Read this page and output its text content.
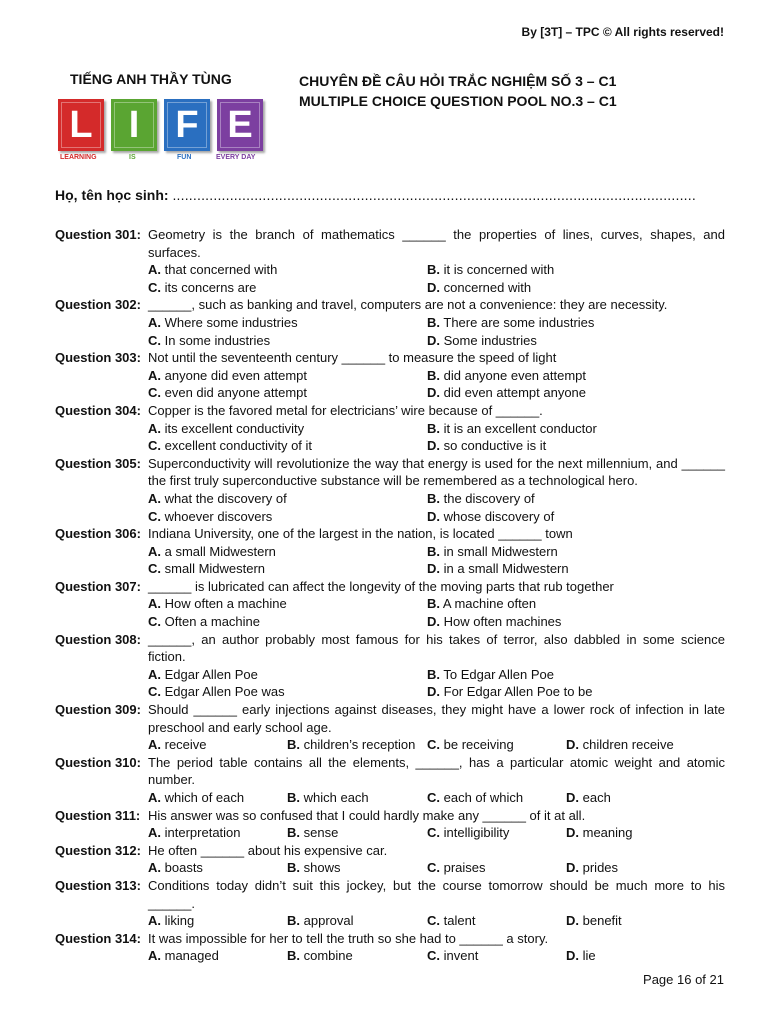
By [3T] – TPC © All rights reserved!
TIẾNG ANH THẦY TÙNG	CHUYÊN ĐỀ CÂU HỎI TRẮC NGHIỆM SỐ 3 – C1
MULTIPLE CHOICE QUESTION POOL NO.3 – C1
L
LEARNING
I
IS
F
FUN
E
EVERY DAY
Họ, tên học sinh: ................................................................................................................................
Question 301: Geometry is the branch of mathematics ______ the properties of lines, curves, shapes, and surfaces.
A. that concerned with	B. it is concerned with
C. its concerns are	D. concerned with
Question 302: ______, such as banking and travel, computers are not a convenience: they are necessity.
A. Where some industries	B. There are some industries
C. In some industries	D. Some industries
Question 303: Not until the seventeenth century ______ to measure the speed of light
A. anyone did even attempt	B. did anyone even attempt
C. even did anyone attempt	D. did even attempt anyone
Question 304: Copper is the favored metal for electricians’ wire because of ______.
A. its excellent conductivity	B. it is an excellent conductor
C. excellent conductivity of it	D. so conductive is it
Question 305: Superconductivity will revolutionize the way that energy is used for the next millennium, and ______ the first truly superconductive substance will be remembered as a technological hero.
A. what the discovery of	B. the discovery of
C. whoever discovers	D. whose discovery of
Question 306: Indiana University, one of the largest in the nation, is located ______ town
A. a small Midwestern	B. in small Midwestern
C. small Midwestern	D. in a small Midwestern
Question 307: ______ is lubricated can affect the longevity of the moving parts that rub together
A. How often a machine	B. A machine often
C. Often a machine	D. How often machines
Question 308: ______, an author probably most famous for his takes of terror, also dabbled in some science fiction.
A. Edgar Allen Poe	B. To Edgar Allen Poe
C. Edgar Allen Poe was	D. For Edgar Allen Poe to be
Question 309: Should ______ early injections against diseases, they might have a lower rock of infection in late preschool and early school age.
A. receive	B. children’s reception C. be receiving	D. children receive
Question 310: The period table contains all the elements, ______, has a particular atomic weight and atomic number.
A. which of each	B. which each	C. each of which	D. each
Question 311: His answer was so confused that I could hardly make any ______ of it at all.
A. interpretation	B. sense	C. intelligibility	D. meaning
Question 312: He often ______ about his expensive car.
A. boasts	B. shows	C. praises	D. prides
Question 313: Conditions today didn’t suit this jockey, but the course tomorrow should be much more to his ______.
A. liking	B. approval	C. talent	D. benefit
Question 314: It was impossible for her to tell the truth so she had to ______ a story.
A. managed	B. combine	C. invent	D. lie
Page 16 of 21
